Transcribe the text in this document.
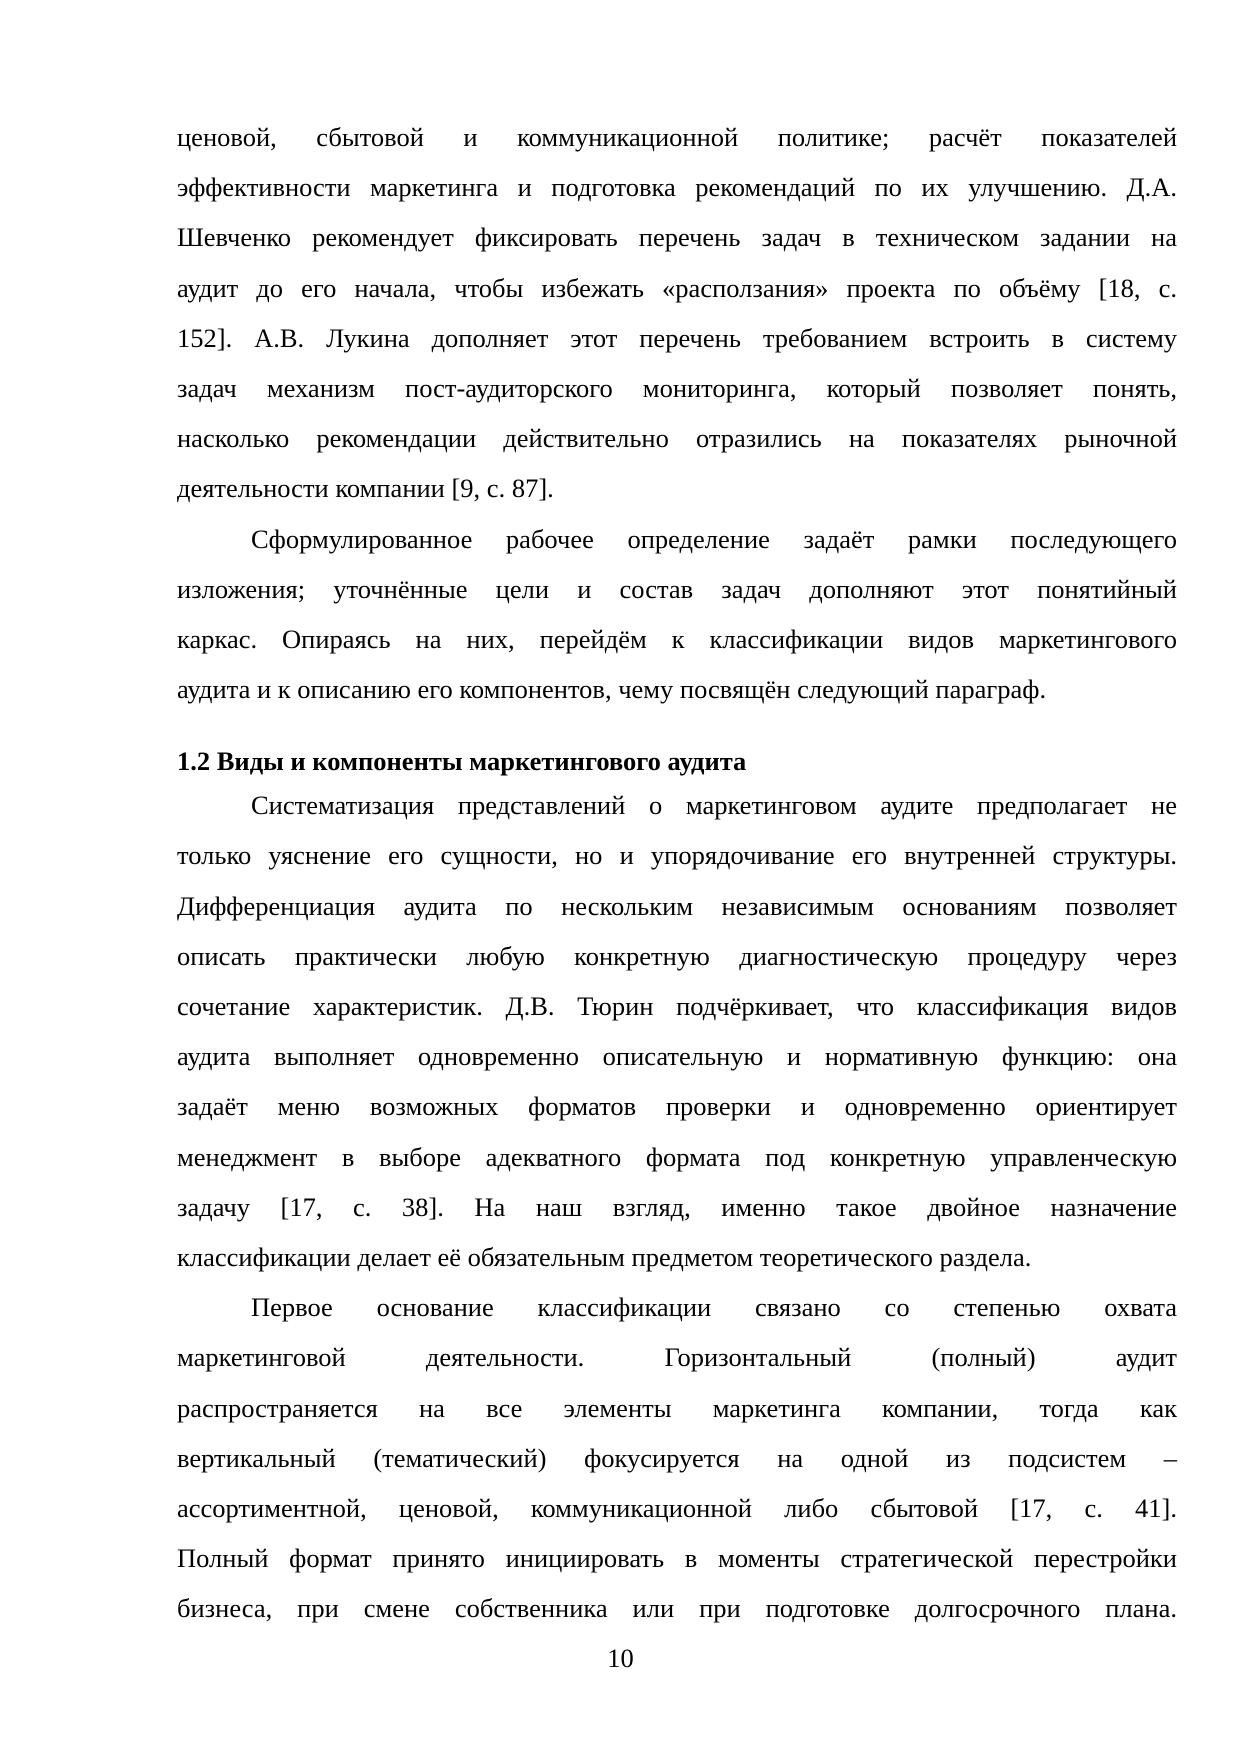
ценовой, сбытовой и коммуникационной политике; расчёт показателей
эффективности маркетинга и подготовка рекомендаций по их улучшению. Д.А.
Шевченко рекомендует фиксировать перечень задач в техническом задании на
аудит до его начала, чтобы избежать «расползания» проекта по объёму [18, с.
152]. А.В. Лукина дополняет этот перечень требованием встроить в систему
задач механизм пост-аудиторского мониторинга, который позволяет понять,
насколько рекомендации действительно отразились на показателях рыночной
деятельности компании [9, с. 87].
Сформулированное рабочее определение задаёт рамки последующего
изложения; уточнённые цели и состав задач дополняют этот понятийный
каркас. Опираясь на них, перейдём к классификации видов маркетингового
аудита и к описанию его компонентов, чему посвящён следующий параграф.
1.2 Виды и компоненты маркетингового аудита
Систематизация представлений о маркетинговом аудите предполагает не
только уяснение его сущности, но и упорядочивание его внутренней структуры.
Дифференциация аудита по нескольким независимым основаниям позволяет
описать практически любую конкретную диагностическую процедуру через
сочетание характеристик. Д.В. Тюрин подчёркивает, что классификация видов
аудита выполняет одновременно описательную и нормативную функцию: она
задаёт меню возможных форматов проверки и одновременно ориентирует
менеджмент в выборе адекватного формата под конкретную управленческую
задачу [17, с. 38]. На наш взгляд, именно такое двойное назначение
классификации делает её обязательным предметом теоретического раздела.
Первое основание классификации связано со степенью охвата
маркетинговой деятельности. Горизонтальный (полный) аудит
распространяется на все элементы маркетинга компании, тогда как
вертикальный (тематический) фокусируется на одной из подсистем –
ассортиментной, ценовой, коммуникационной либо сбытовой [17, с. 41].
Полный формат принято инициировать в моменты стратегической перестройки
бизнеса, при смене собственника или при подготовке долгосрочного плана.
10
